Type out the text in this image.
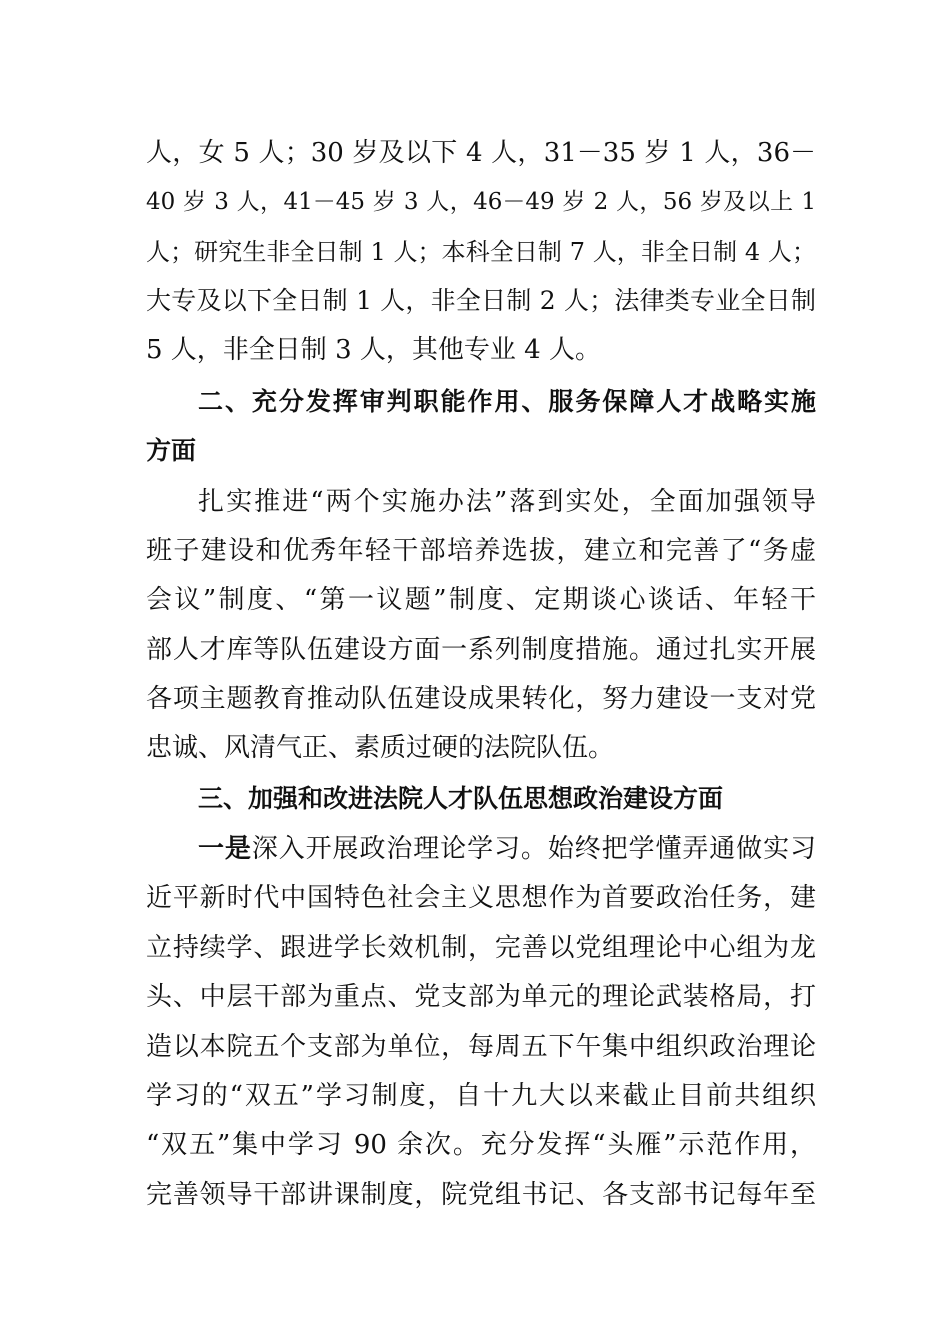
人，女 5 人；30 岁及以下 4 人，31－35 岁 1 人，36－
40 岁 3 人，41－45 岁 3 人，46－49 岁 2 人，56 岁及以上 1
人；研究生非全日制 1 人；本科全日制 7 人，非全日制 4 人；
大专及以下全日制 1 人，非全日制 2 人；法律类专业全日制
5 人，非全日制 3 人，其他专业 4 人。
二、充分发挥审判职能作用、服务保障人才战略实施
方面
扎实推进“两个实施办法”落到实处，全面加强领导
班子建设和优秀年轻干部培养选拔，建立和完善了“务虚
会议”制度、“第一议题”制度、定期谈心谈话、年轻干
部人才库等队伍建设方面一系列制度措施。通过扎实开展
各项主题教育推动队伍建设成果转化，努力建设一支对党
忠诚、风清气正、素质过硬的法院队伍。
三、加强和改进法院人才队伍思想政治建设方面
一是深入开展政治理论学习。始终把学懂弄通做实习
近平新时代中国特色社会主义思想作为首要政治任务，建
立持续学、跟进学长效机制，完善以党组理论中心组为龙
头、中层干部为重点、党支部为单元的理论武装格局，打
造以本院五个支部为单位，每周五下午集中组织政治理论
学习的“双五”学习制度，自十九大以来截止目前共组织
“双五”集中学习 90 余次。充分发挥“头雁”示范作用，
完善领导干部讲课制度，院党组书记、各支部书记每年至
